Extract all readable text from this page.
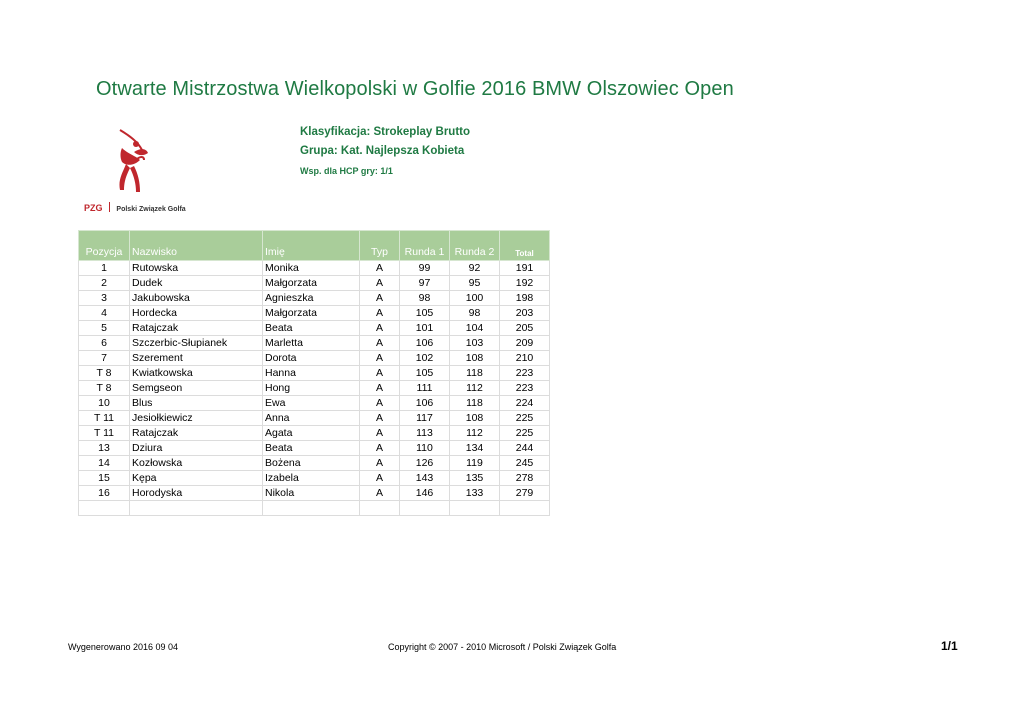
Otwarte Mistrzostwa Wielkopolski w Golfie 2016 BMW Olszowiec Open
PZG Polski Związek Golfa
Klasyfikacja: Strokeplay Brutto
Grupa: Kat. Najlepsza Kobieta
Wsp. dla HCP gry: 1/1
Pozycja	Nazwisko	Imię	Typ	Runda 1	Runda 2	Total
1	Rutowska	Monika	A	99	92	191
2	Dudek	Małgorzata	A	97	95	192
3	Jakubowska	Agnieszka	A	98	100	198
4	Hordecka	Małgorzata	A	105	98	203
5	Ratajczak	Beata	A	101	104	205
6	Szczerbic-Słupianek	Marletta	A	106	103	209
7	Szerement	Dorota	A	102	108	210
T 8	Kwiatkowska	Hanna	A	105	118	223
T 8	Semgseon	Hong	A	111	112	223
10	Blus	Ewa	A	106	118	224
T 11	Jesiołkiewicz	Anna	A	117	108	225
T 11	Ratajczak	Agata	A	113	112	225
13	Dziura	Beata	A	110	134	244
14	Kozłowska	Bożena	A	126	119	245
15	Kępa	Izabela	A	143	135	278
16	Horodyska	Nikola	A	146	133	279

Wygenerowano 2016 09 04	Copyright © 2007 - 2010 Microsoft / Polski Związek Golfa	1/1
